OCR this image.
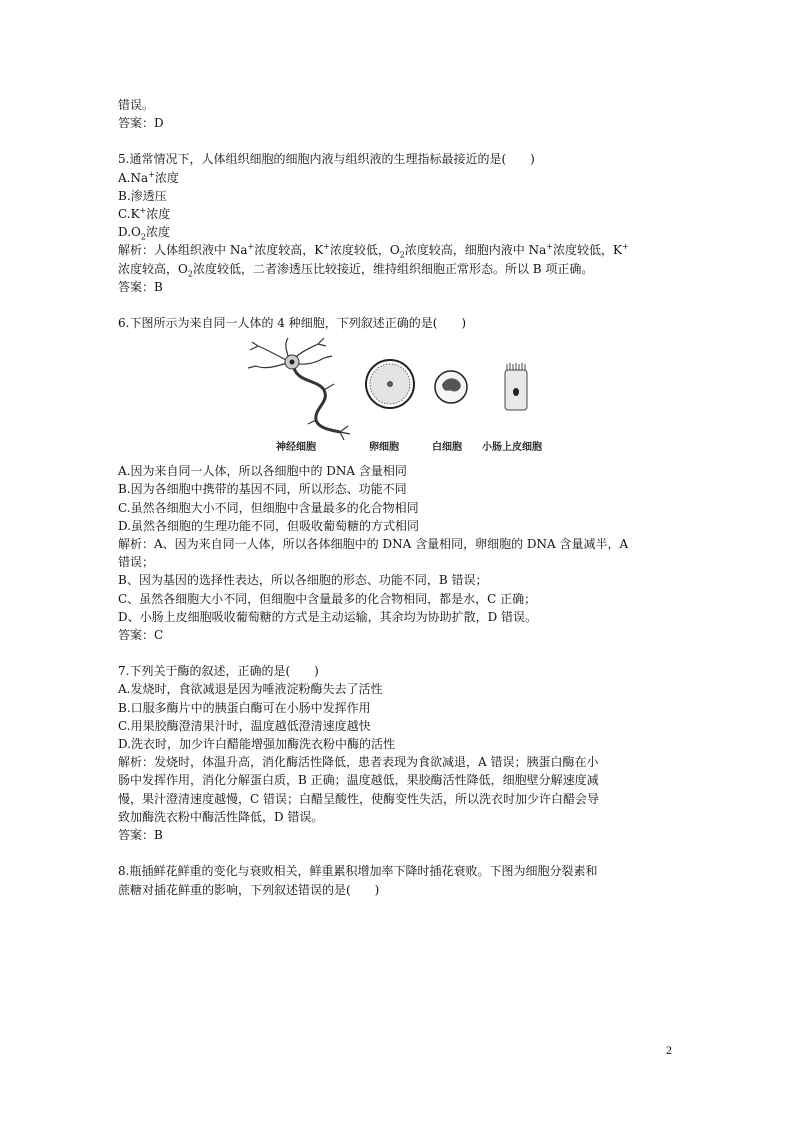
错误。
答案：D
5.通常情况下，人体组织细胞的细胞内液与组织液的生理指标最接近的是(　　)
A.Na+浓度
B.渗透压
C.K+浓度
$D.O_2$浓度
解析：人体组织液中 Na+浓度较高，K+浓度较低，$O_2$浓度较高，细胞内液中 Na+浓度较低，K+
浓度较高，$O_2$浓度较低，二者渗透压比较接近，维持组织细胞正常形态。所以 B 项正确。
答案：B
6.下图所示为来自同一人体的 4 种细胞，下列叙述正确的是(　　)
神经细胞	卵细胞	白细胞 小肠上皮细胞
A.因为来自同一人体，所以各细胞中的 DNA 含量相同
B.因为各细胞中携带的基因不同，所以形态、功能不同
C.虽然各细胞大小不同，但细胞中含量最多的化合物相同
D.虽然各细胞的生理功能不同，但吸收葡萄糖的方式相同
解析：A、因为来自同一人体，所以各体细胞中的 DNA 含量相同，卵细胞的 DNA 含量减半，A
错误；
B、因为基因的选择性表达，所以各细胞的形态、功能不同，B 错误；
C、虽然各细胞大小不同，但细胞中含量最多的化合物相同，都是水，C 正确；
D、小肠上皮细胞吸收葡萄糖的方式是主动运输，其余均为协助扩散，D 错误。
答案：C
7.下列关于酶的叙述，正确的是(　　)
A.发烧时，食欲减退是因为唾液淀粉酶失去了活性
B.口服多酶片中的胰蛋白酶可在小肠中发挥作用
C.用果胶酶澄清果汁时，温度越低澄清速度越快
D.洗衣时，加少许白醋能增强加酶洗衣粉中酶的活性
解析：发烧时，体温升高，消化酶活性降低，患者表现为食欲减退，A 错误；胰蛋白酶在小
肠中发挥作用，消化分解蛋白质，B 正确；温度越低，果胶酶活性降低，细胞壁分解速度减
慢，果汁澄清速度越慢，C 错误；白醋呈酸性，使酶变性失活，所以洗衣时加少许白醋会导
致加酶洗衣粉中酶活性降低，D 错误。
答案：B
8.瓶插鲜花鲜重的变化与衰败相关，鲜重累积增加率下降时插花衰败。下图为细胞分裂素和
蔗糖对插花鲜重的影响，下列叙述错误的是(　　)
2
